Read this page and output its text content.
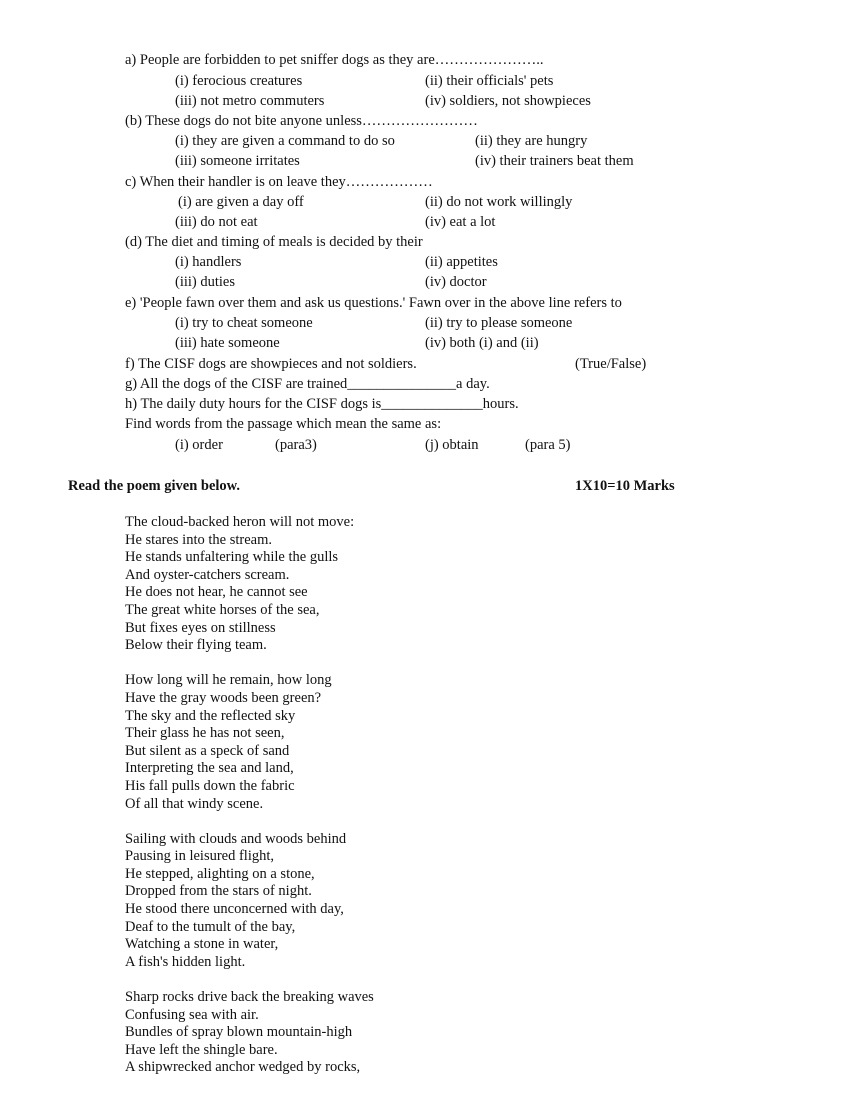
a) People are forbidden to pet sniffer dogs as they are…………………..
(i) ferocious creatures	(ii) their officials' pets
(iii) not metro commuters	(iv) soldiers, not showpieces
(b) These dogs do not bite anyone unless……………………
(i) they are given a command to do so	(ii) they are hungry
(iii) someone irritates	(iv) their trainers beat them
c) When their handler is on leave they………………
(i) are given a day off	(ii) do not work willingly
(iii) do not eat	(iv) eat a lot
(d) The diet and timing of meals is decided by their
(i) handlers	(ii) appetites
(iii) duties	(iv) doctor
e) 'People fawn over them and ask us questions.' Fawn over in the above line refers to
(i) try to cheat someone	(ii) try to please someone
(iii) hate someone	(iv) both (i) and (ii)
f) The CISF dogs are showpieces and not soldiers.	(True/False)
g) All the dogs of the CISF are trained_______________a day.
h) The daily duty hours for the CISF dogs is______________hours.
Find words from the passage which mean the same as:
(i) order	(para3)	(j) obtain	(para 5)
Read the poem given below.	1X10=10 Marks
The cloud-backed heron will not move:
He stares into the stream.
He stands unfaltering while the gulls
And oyster-catchers scream.
He does not hear, he cannot see
The great white horses of the sea,
But fixes eyes on stillness
Below their flying team.
How long will he remain, how long
Have the gray woods been green?
The sky and the reflected sky
Their glass he has not seen,
But silent as a speck of sand
Interpreting the sea and land,
His fall pulls down the fabric
Of all that windy scene.
Sailing with clouds and woods behind
Pausing in leisured flight,
He stepped, alighting on a stone,
Dropped from the stars of night.
He stood there unconcerned with day,
Deaf to the tumult of the bay,
Watching a stone in water,
A fish's hidden light.
Sharp rocks drive back the breaking waves
Confusing sea with air.
Bundles of spray blown mountain-high
Have left the shingle bare.
A shipwrecked anchor wedged by rocks,
